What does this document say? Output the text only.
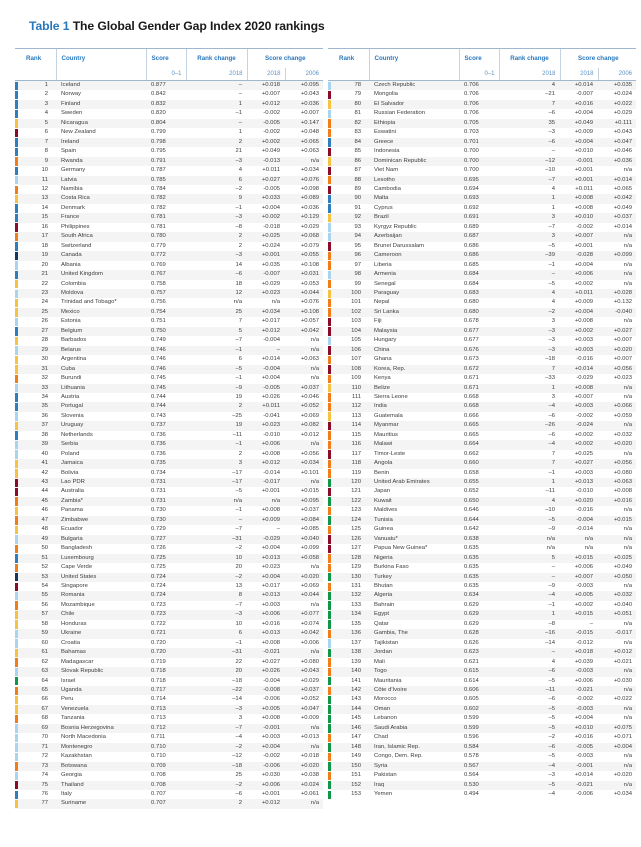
Table 1 The Global Gender Gap Index 2020 rankings
	Rank	Country	Score	Rank change	Score change	
			0–1	2018	2018	2006

	1	Iceland	0.877	–	+0.018	+0.095

	2	Norway	0.842	–	+0.007	+0.043

	3	Finland	0.832	1	+0.012	+0.036

	4	Sweden	0.820	–1	-0.002	+0.007

	5	Nicaragua	0.804	–	-0.005	+0.147

	6	New Zealand	0.799	1	-0.002	+0.048

	7	Ireland	0.798	2	+0.002	+0.065

	8	Spain	0.795	21	+0.049	+0.063

	9	Rwanda	0.791	–3	-0.013	n/a

	10	Germany	0.787	4	+0.011	+0.034

	11	Latvia	0.785	6	+0.027	+0.076

	12	Namibia	0.784	–2	-0.005	+0.098

	13	Costa Rica	0.782	9	+0.033	+0.089

	14	Denmark	0.782	–1	+0.004	+0.036

	15	France	0.781	–3	+0.002	+0.129

	16	Philippines	0.781	–8	-0.018	+0.029

	17	South Africa	0.780	2	+0.025	+0.068

	18	Switzerland	0.779	2	+0.024	+0.079

	19	Canada	0.772	–3	+0.001	+0.055

	20	Albania	0.769	14	+0.035	+0.108

	21	United Kingdom	0.767	–6	-0.007	+0.031

	22	Colombia	0.758	18	+0.029	+0.053

	23	Moldova	0.757	12	+0.023	+0.044

	24	Trinidad and Tobago*	0.756	n/a	n/a	+0.076

	25	Mexico	0.754	25	+0.034	+0.108

	26	Estonia	0.751	7	+0.017	+0.057

	27	Belgium	0.750	5	+0.012	+0.042

	28	Barbados	0.749	–7	-0.004	n/a

	29	Belarus	0.746	–1	–	n/a

	30	Argentina	0.746	6	+0.014	+0.063

	31	Cuba	0.746	–5	-0.004	n/a

	32	Burundi	0.745	–1	+0.004	n/a

	33	Lithuania	0.745	–9	-0.005	+0.037

	34	Austria	0.744	19	+0.026	+0.046

	35	Portugal	0.744	2	+0.011	+0.052

	36	Slovenia	0.743	–25	-0.041	+0.069

	37	Uruguay	0.737	19	+0.023	+0.082

	38	Netherlands	0.736	–11	-0.010	+0.012

	39	Serbia	0.736	–1	+0.006	n/a

	40	Poland	0.736	2	+0.008	+0.056

	41	Jamaica	0.735	3	+0.012	+0.034

	42	Bolivia	0.734	–17	-0.014	+0.101

	43	Lao PDR	0.731	–17	-0.017	n/a

	44	Australia	0.731	–5	+0.001	+0.015

	45	Zambia*	0.731	n/a	n/a	+0.095

	46	Panama	0.730	–1	+0.008	+0.037

	47	Zimbabwe	0.730	–	+0.009	+0.084

	48	Ecuador	0.729	–7	–	+0.085

	49	Bulgaria	0.727	–31	-0.029	+0.040

	50	Bangladesh	0.726	–2	+0.004	+0.099

	51	Luxembourg	0.725	10	+0.013	+0.058

	52	Cape Verde	0.725	20	+0.023	n/a

	53	United States	0.724	–2	+0.004	+0.020

	54	Singapore	0.724	13	+0.017	+0.069

	55	Romania	0.724	8	+0.013	+0.044

	56	Mozambique	0.723	–7	+0.003	n/a

	57	Chile	0.723	–3	+0.006	+0.077

	58	Honduras	0.722	10	+0.016	+0.074

	59	Ukraine	0.721	6	+0.013	+0.042

	60	Croatia	0.720	–1	+0.008	+0.006

	61	Bahamas	0.720	–31	-0.021	n/a

	62	Madagascar	0.719	22	+0.027	+0.080

	63	Slovak Republic	0.718	20	+0.026	+0.043

	64	Israel	0.718	–18	-0.004	+0.029

	65	Uganda	0.717	–22	-0.008	+0.037

	66	Peru	0.714	–14	-0.006	+0.052

	67	Venezuela	0.713	–3	+0.005	+0.047

	68	Tanzania	0.713	3	+0.008	+0.009

	69	Bosnia Herzegovina	0.712	–7	-0.001	n/a

	70	North Macedonia	0.711	–4	+0.003	+0.013

	71	Montenegro	0.710	–2	+0.004	n/a

	72	Kazakhstan	0.710	–12	-0.002	+0.018

	73	Botswana	0.709	–18	-0.006	+0.020

	74	Georgia	0.708	25	+0.030	+0.038

	75	Thailand	0.708	–2	+0.006	+0.024

	76	Italy	0.707	–6	+0.001	+0.061

	77	Suriname	0.707	2	+0.012	n/a
	Rank	Country	Score	Rank change	Score change	
			0–1	2018	2018	2006

	78	Czech Republic	0.706	4	+0.014	+0.035

	79	Mongolia	0.706	–21	-0.007	+0.024

	80	El Salvador	0.706	7	+0.016	+0.022

	81	Russian Federation	0.706	–6	+0.004	+0.029

	82	Ethiopia	0.705	35	+0.049	+0.111

	83	Eswatini	0.703	–3	+0.009	+0.043

	84	Greece	0.701	–6	+0.004	+0.047

	85	Indonesia	0.700	–	+0.010	+0.046

	86	Dominican Republic	0.700	–12	-0.001	+0.036

	87	Viet Nam	0.700	–10	+0.001	n/a

	88	Lesotho	0.695	–7	+0.001	+0.014

	89	Cambodia	0.694	4	+0.011	+0.065

	90	Malta	0.693	1	+0.008	+0.042

	91	Cyprus	0.692	1	+0.008	+0.049

	92	Brazil	0.691	3	+0.010	+0.037

	93	Kyrgyz Republic	0.689	–7	-0.002	+0.014

	94	Azerbaijan	0.687	3	+0.007	n/a

	95	Brunei Darussalam	0.686	–5	+0.001	n/a

	96	Cameroon	0.686	–39	-0.028	+0.099

	97	Liberia	0.685	–1	+0.004	n/a

	98	Armenia	0.684	–	+0.006	n/a

	99	Senegal	0.684	–5	+0.002	n/a

	100	Paraguay	0.683	4	+0.011	+0.028

	101	Nepal	0.680	4	+0.009	+0.132

	102	Sri Lanka	0.680	–2	+0.004	-0.040

	103	Fiji	0.678	3	+0.008	n/a

	104	Malaysia	0.677	–3	+0.002	+0.027

	105	Hungary	0.677	–3	+0.003	+0.007

	106	China	0.676	–3	+0.003	+0.020

	107	Ghana	0.673	–18	-0.016	+0.007

	108	Korea, Rep.	0.672	7	+0.014	+0.056

	109	Kenya	0.671	–33	-0.029	+0.023

	110	Belize	0.671	1	+0.008	n/a

	111	Sierra Leone	0.668	3	+0.007	n/a

	112	India	0.668	–4	+0.003	+0.066

	113	Guatemala	0.666	–6	-0.002	+0.059

	114	Myanmar	0.665	–26	-0.024	n/a

	115	Mauritius	0.665	–6	+0.002	+0.032

	116	Malawi	0.664	–4	+0.002	+0.020

	117	Timor-Leste	0.662	7	+0.025	n/a

	118	Angola	0.660	7	+0.027	+0.056

	119	Benin	0.658	–1	+0.003	+0.080

	120	United Arab Emirates	0.655	1	+0.013	+0.063

	121	Japan	0.652	–11	-0.010	+0.008

	122	Kuwait	0.650	4	+0.020	+0.016

	123	Maldives	0.646	–10	-0.016	n/a

	124	Tunisia	0.644	–5	-0.004	+0.015

	125	Guinea	0.642	–9	-0.014	n/a

	126	Vanuatu*	0.638	n/a	n/a	n/a

	127	Papua New Guinea*	0.635	n/a	n/a	n/a

	128	Nigeria	0.635	5	+0.015	+0.025

	129	Burkina Faso	0.635	–	+0.006	+0.049

	130	Turkey	0.635	–	+0.007	+0.050

	131	Bhutan	0.635	–9	-0.003	n/a

	132	Algeria	0.634	–4	+0.005	+0.032

	133	Bahrain	0.629	–1	+0.002	+0.040

	134	Egypt	0.629	1	+0.015	+0.051

	135	Qatar	0.629	–8	–	n/a

	136	Gambia, The	0.628	–16	-0.015	-0.017

	137	Tajikistan	0.626	–14	-0.012	n/a

	138	Jordan	0.623	–	+0.018	+0.012

	139	Mali	0.621	4	+0.039	+0.021

	140	Togo	0.615	–6	-0.003	n/a

	141	Mauritania	0.614	–5	+0.006	+0.030

	142	Côte d'Ivoire	0.606	–11	-0.021	n/a

	143	Morocco	0.605	–6	-0.002	+0.022

	144	Oman	0.602	–5	-0.003	n/a

	145	Lebanon	0.599	–5	+0.004	n/a

	146	Saudi Arabia	0.599	–5	+0.010	+0.075

	147	Chad	0.596	–2	+0.016	+0.071

	148	Iran, Islamic Rep.	0.584	–6	-0.005	+0.004

	149	Congo, Dem. Rep.	0.578	–5	-0.003	n/a

	150	Syria	0.567	–4	-0.001	n/a

	151	Pakistan	0.564	–3	+0.014	+0.020

	152	Iraq	0.530	–5	-0.021	n/a

	153	Yemen	0.494	–4	-0.006	+0.034
